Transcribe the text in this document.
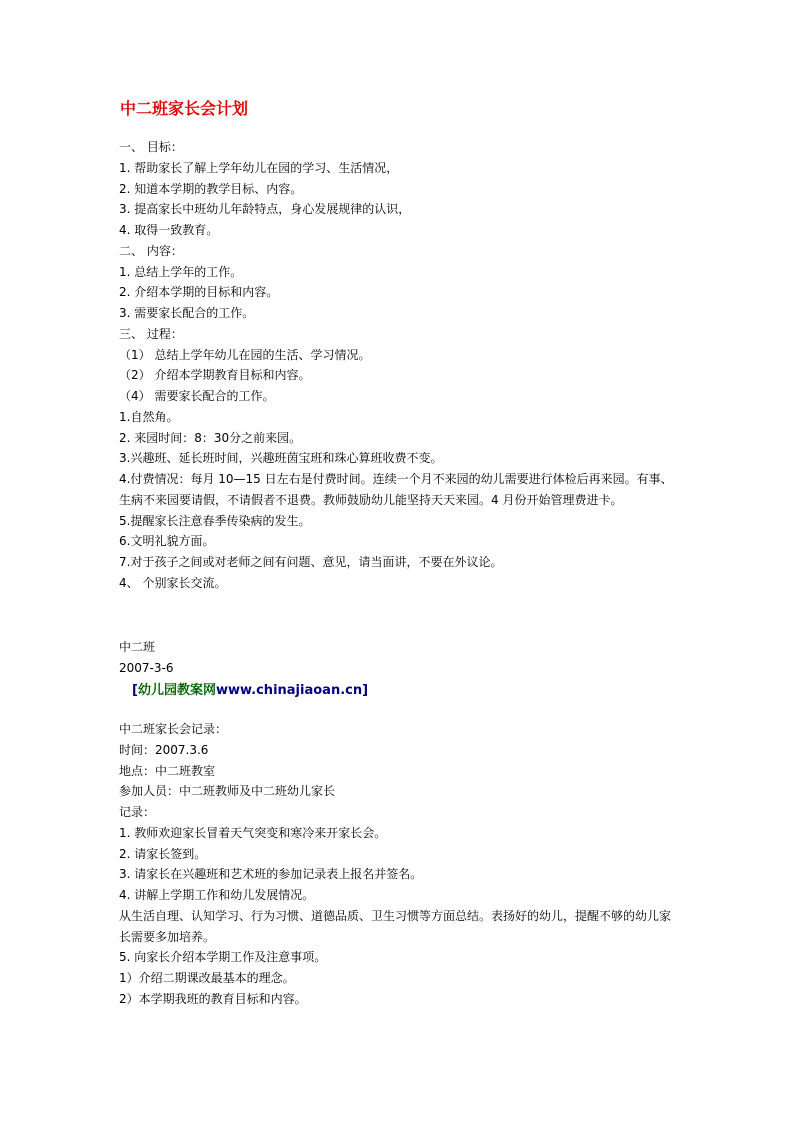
中二班家长会计划
一、 目标：
1. 帮助家长了解上学年幼儿在园的学习、生活情况，
2. 知道本学期的教学目标、内容。
3. 提高家长中班幼儿年龄特点，身心发展规律的认识，
4. 取得一致教育。
二、 内容：
1. 总结上学年的工作。
2. 介绍本学期的目标和内容。
3. 需要家长配合的工作。
三、 过程：
（1） 总结上学年幼儿在园的生活、学习情况。
（2） 介绍本学期教育目标和内容。
（4） 需要家长配合的工作。
1.自然角。
2. 来园时间：8：30分之前来园。
3.兴趣班、延长班时间，兴趣班茵宝班和珠心算班收费不变。
4.付费情况：每月 10—15 日左右是付费时间。连续一个月不来园的幼儿需要进行体检后再来园。有事、生病不来园要请假，不请假者不退费。教师鼓励幼儿能坚持天天来园。4 月份开始管理费进卡。
5.提醒家长注意春季传染病的发生。
6.文明礼貌方面。
7.对于孩子之间或对老师之间有问题、意见，请当面讲，不要在外议论。
4、 个别家长交流。
中二班
2007-3-6
[幼儿园教案网www.chinajiaoan.cn]
中二班家长会记录：
时间：2007.3.6
地点：中二班教室
参加人员：中二班教师及中二班幼儿家长
记录：
1. 教师欢迎家长冒着天气突变和寒冷来开家长会。
2. 请家长签到。
3. 请家长在兴趣班和艺术班的参加记录表上报名并签名。
4. 讲解上学期工作和幼儿发展情况。
从生活自理、认知学习、行为习惯、道德品质、卫生习惯等方面总结。表扬好的幼儿，提醒不够的幼儿家长需要多加培养。
5. 向家长介绍本学期工作及注意事项。
1）介绍二期课改最基本的理念。
2）本学期我班的教育目标和内容。
